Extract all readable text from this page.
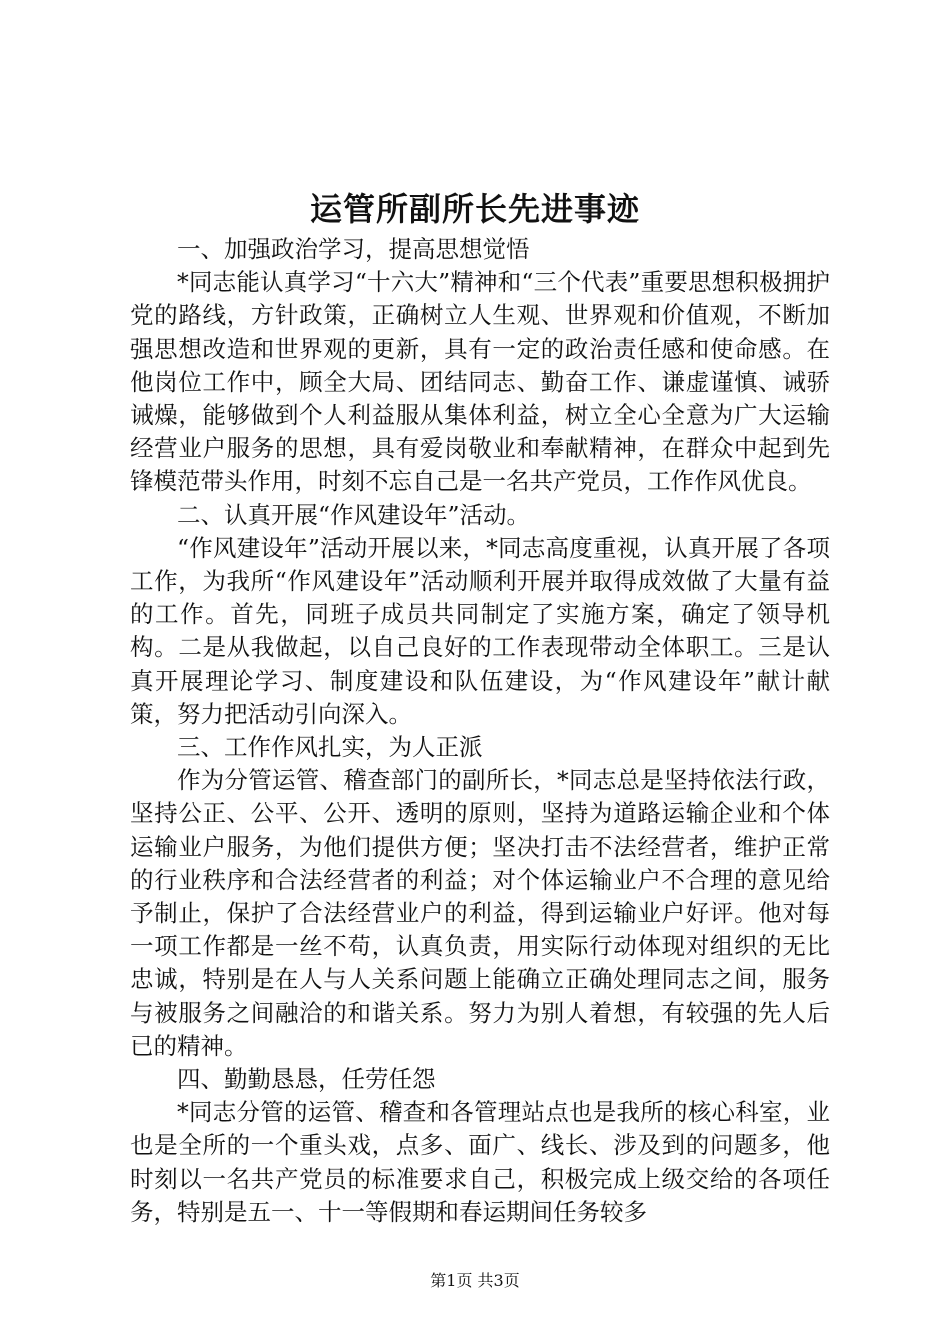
运管所副所长先进事迹

一、加强政治学习，提高思想觉悟

*同志能认真学习“十六大”精神和“三个代表”重要思想积极拥护党的路线，方针政策，正确树立人生观、世界观和价值观，不断加强思想改造和世界观的更新，具有一定的政治责任感和使命感。在他岗位工作中，顾全大局、团结同志、勤奋工作、谦虚谨慎、诫骄诫燥，能够做到个人利益服从集体利益，树立全心全意为广大运输经营业户服务的思想，具有爱岗敬业和奉献精神，在群众中起到先锋模范带头作用，时刻不忘自己是一名共产党员，工作作风优良。

二、认真开展“作风建设年”活动。

“作风建设年”活动开展以来，*同志高度重视，认真开展了各项工作，为我所“作风建设年”活动顺利开展并取得成效做了大量有益的工作。首先，同班子成员共同制定了实施方案，确定了领导机构。二是从我做起，以自己良好的工作表现带动全体职工。三是认真开展理论学习、制度建设和队伍建设，为“作风建设年”献计献策，努力把活动引向深入。

三、工作作风扎实，为人正派

作为分管运管、稽查部门的副所长，*同志总是坚持依法行政，坚持公正、公平、公开、透明的原则，坚持为道路运输企业和个体运输业户服务，为他们提供方便；坚决打击不法经营者，维护正常的行业秩序和合法经营者的利益；对个体运输业户不合理的意见给予制止，保护了合法经营业户的利益，得到运输业户好评。他对每一项工作都是一丝不苟，认真负责，用实际行动体现对组织的无比忠诚，特别是在人与人关系问题上能确立正确处理同志之间，服务与被服务之间融洽的和谐关系。努力为别人着想，有较强的先人后已的精神。

四、勤勤恳恳，任劳任怨

*同志分管的运管、稽查和各管理站点也是我所的核心科室，业也是全所的一个重头戏，点多、面广、线长、涉及到的问题多，他时刻以一名共产党员的标准要求自己，积极完成上级交给的各项任务，特别是五一、十一等假期和春运期间任务较多

第1页 共3页
